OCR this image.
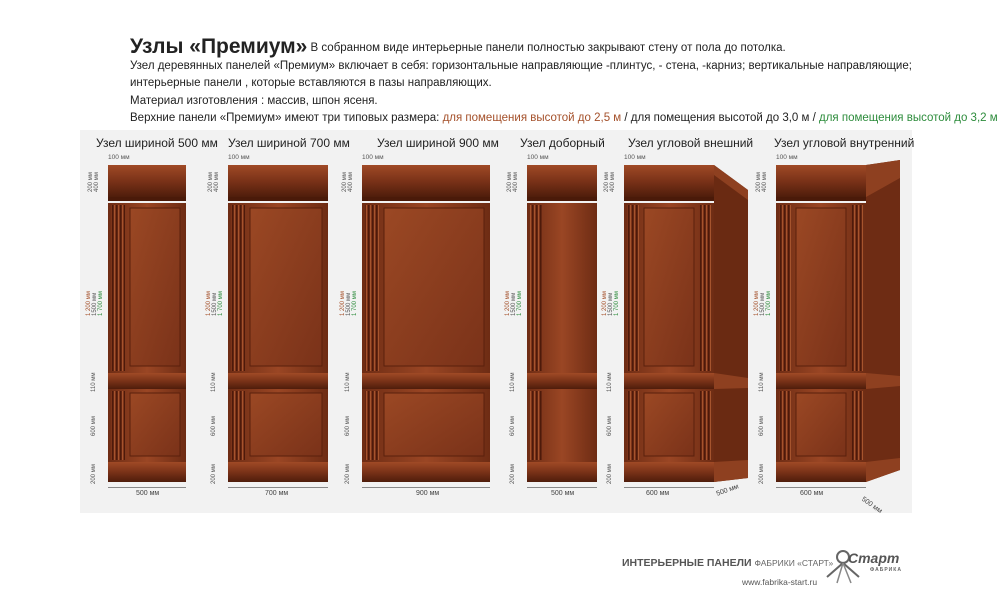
Узлы «Премиум» В собранном виде интерьерные панели полностью закрывают стену от пола до потолка.
Узел деревянных панелей «Премиум» включает в себя: горизонтальные направляющие -плинтус, - стена, -карниз; вертикальные направляющие;
интерьерные панели , которые вставляются в пазы направляющих.
Материал изготовления : массив, шпон ясеня.
Верхние панели «Премиум» имеют три типовых размера: для помещения высотой до 2,5 м / для помещения высотой до 3,0 м / для помещения высотой до 3,2 м
Узел шириной 500 мм Узел шириной 700 мм Узел шириной 900 мм Узел доборный Узел угловой внешний Узел угловой внутренний
500 мм	700 мм	900 мм	500 мм	600 мм	500 мм	600 мм
500 мм
100 мм
200 мм 400 мм
1 200 мм 1500 мм 1 700 мм
110 мм
600 мм
200 мм
100 мм
200 мм 400 мм
1 200 мм 1500 мм 1 700 мм
110 мм
600 мм
200 мм
100 мм
200 мм 400 мм
1 200 мм 1500 мм 1 700 мм
110 мм
600 мм
200 мм
100 мм
200 мм 400 мм
1 200 мм 1500 мм 1 700 мм
110 мм
600 мм
200 мм
100 мм
200 мм 400 мм
1 200 мм 1500 мм 1 700 мм
110 мм
600 мм
200 мм
100 мм
200 мм 400 мм
1 200 мм 1500 мм 1 700 мм
110 мм
600 мм
200 мм
ИНТЕРЬЕРНЫЕ ПАНЕЛИ ФАБРИКИ «СТАРТ»
www.fabrika-start.ru
Старт
ФАБРИКА
